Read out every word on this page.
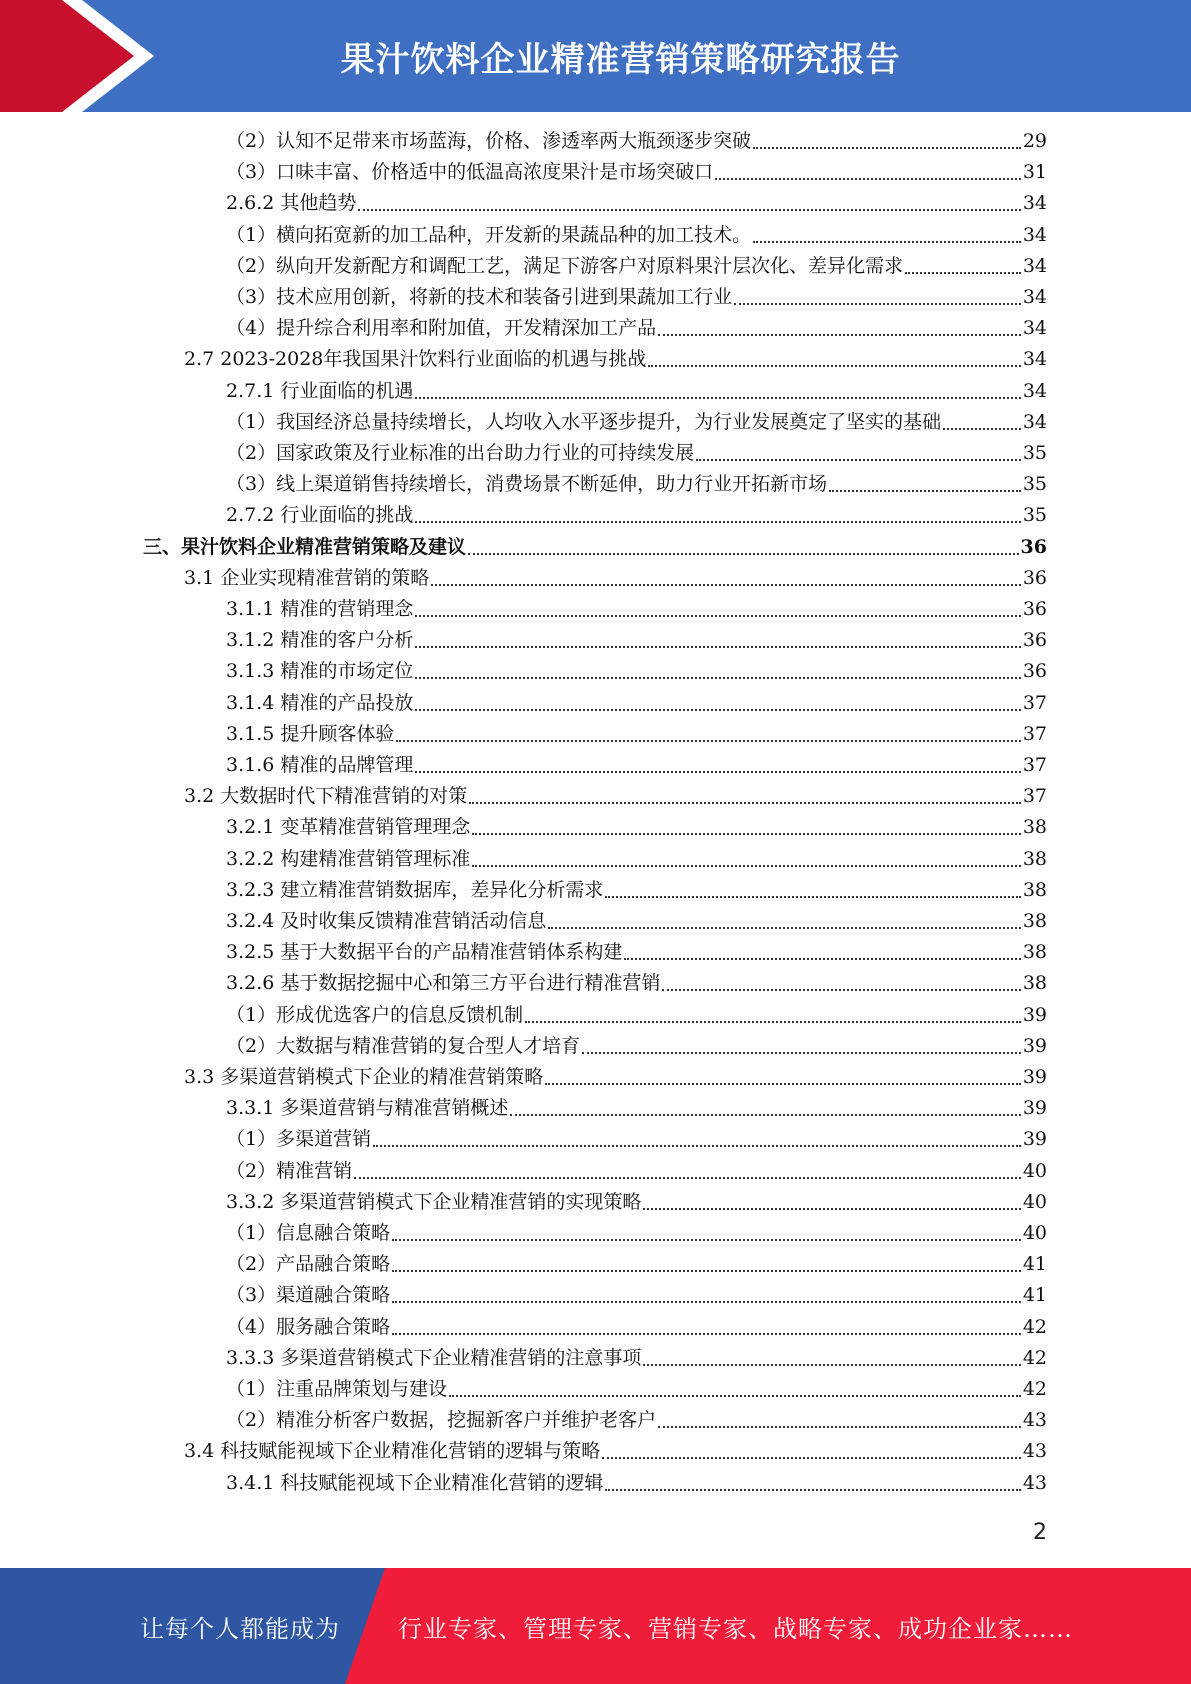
果汁饮料企业精准营销策略研究报告
（2）认知不足带来市场蓝海，价格、渗透率两大瓶颈逐步突破	29
（3）口味丰富、价格适中的低温高浓度果汁是市场突破口	31
2.6.2 其他趋势	34
（1）横向拓宽新的加工品种，开发新的果蔬品种的加工技术。	34
（2）纵向开发新配方和调配工艺，满足下游客户对原料果汁层次化、差异化需求	34
（3）技术应用创新，将新的技术和装备引进到果蔬加工行业	34
（4）提升综合利用率和附加值，开发精深加工产品	34
2.7 2023-2028年我国果汁饮料行业面临的机遇与挑战	34
2.7.1 行业面临的机遇	34
（1）我国经济总量持续增长，人均收入水平逐步提升，为行业发展奠定了坚实的基础	34
（2）国家政策及行业标准的出台助力行业的可持续发展	35
（3）线上渠道销售持续增长，消费场景不断延伸，助力行业开拓新市场	35
2.7.2 行业面临的挑战	35
三、果汁饮料企业精准营销策略及建议	36
3.1 企业实现精准营销的策略	36
3.1.1 精准的营销理念	36
3.1.2 精准的客户分析	36
3.1.3 精准的市场定位	36
3.1.4 精准的产品投放	37
3.1.5 提升顾客体验	37
3.1.6 精准的品牌管理	37
3.2 大数据时代下精准营销的对策	37
3.2.1 变革精准营销管理理念	38
3.2.2 构建精准营销管理标准	38
3.2.3 建立精准营销数据库，差异化分析需求	38
3.2.4 及时收集反馈精准营销活动信息	38
3.2.5 基于大数据平台的产品精准营销体系构建	38
3.2.6 基于数据挖掘中心和第三方平台进行精准营销	38
（1）形成优选客户的信息反馈机制	39
（2）大数据与精准营销的复合型人才培育	39
3.3 多渠道营销模式下企业的精准营销策略	39
3.3.1 多渠道营销与精准营销概述	39
（1）多渠道营销	39
（2）精准营销	40
3.3.2 多渠道营销模式下企业精准营销的实现策略	40
（1）信息融合策略	40
（2）产品融合策略	41
（3）渠道融合策略	41
（4）服务融合策略	42
3.3.3 多渠道营销模式下企业精准营销的注意事项	42
（1）注重品牌策划与建设	42
（2）精准分析客户数据，挖掘新客户并维护老客户	43
3.4 科技赋能视域下企业精准化营销的逻辑与策略	43
3.4.1 科技赋能视域下企业精准化营销的逻辑	43
2
让每个人都能成为 行业专家、管理专家、营销专家、战略专家、成功企业家……
